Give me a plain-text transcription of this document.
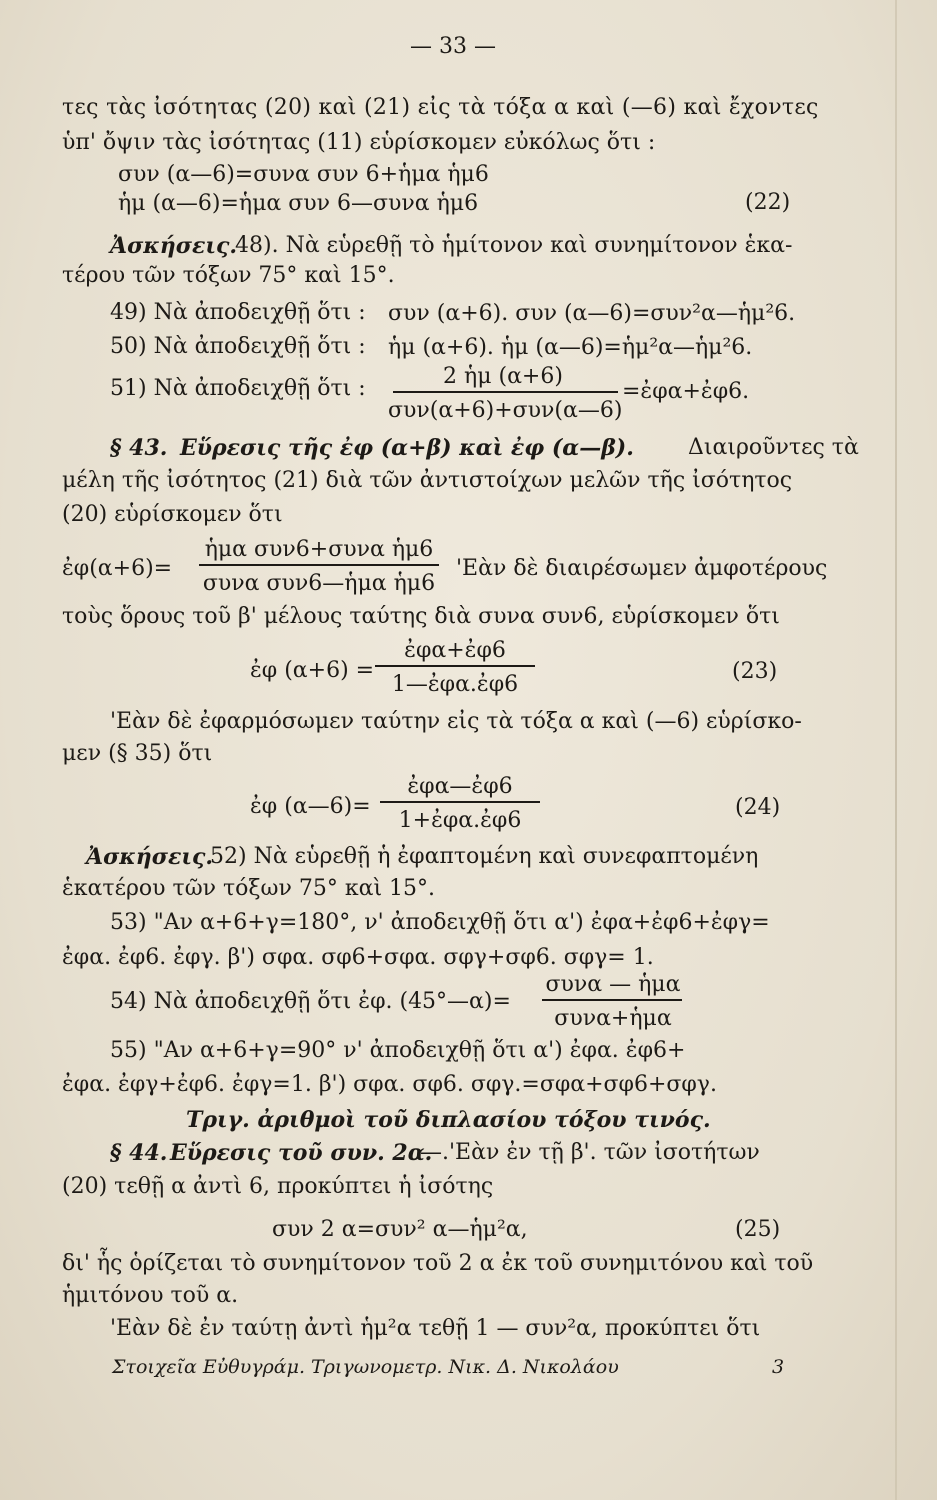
— 33 —
τες τὰς ἰσότητας (20) καὶ (21) εἰς τὰ τόξα α καὶ (—6) καὶ ἔχοντες
ὑπ' ὄψιν τὰς ἰσότητας (11) εὑρίσκομεν εὐκόλως ὅτι :
συν (α—6)=συνα συν 6+ἡμα ἡμ6
ἡμ (α—6)=ἡμα συν 6—συνα ἡμ6	(22)
Ἀσκήσεις.
48). Νὰ εὑρεθῇ τὸ ἡμίτονον καὶ συνημίτονον ἑκα-
τέρου τῶν τόξων 75° καὶ 15°.
49) Νὰ ἀποδειχθῇ ὅτι : συν (α+6). συν (α—6)=συν²α—ἡμ²6.
50) Νὰ ἀποδειχθῇ ὅτι : ἡμ (α+6). ἡμ (α—6)=ἡμ²α—ἡμ²6.
51) Νὰ ἀποδειχθῇ ὅτι :	2 ἡμ (α+6)
συν(α+6)+συν(α—6)
=ἐφα+ἐφ6.
§ 43. Εὕρεσις τῆς ἐφ (α+β) καὶ ἐφ (α—β). Διαιροῦντες τὰ
μέλη τῆς ἰσότητος (21) διὰ τῶν ἀντιστοίχων μελῶν τῆς ἰσότητος
(20) εὑρίσκομεν ὅτι
ἐφ(α+6)=
ἡμα συν6+συνα ἡμ6
συνα συν6—ἡμα ἡμ6
'Εὰν δὲ διαιρέσωμεν ἀμφοτέρους
τοὺς ὅρους τοῦ β' μέλους ταύτης διὰ συνα συν6, εὑρίσκομεν ὅτι
ἐφ (α+6) =
ἐφα+ἐφ6
1—ἐφα.ἐφ6
(23)
'Εὰν δὲ ἐφαρμόσωμεν ταύτην εἰς τὰ τόξα α καὶ (—6) εὑρίσκο-
μεν (§ 35) ὅτι
ἐφ (α—6)=
ἐφα—ἐφ6
1+ἐφα.ἐφ6
(24)
Ἀσκήσεις.
52) Νὰ εὑρεθῇ ἡ ἐφαπτομένη καὶ συνεφαπτομένη
ἑκατέρου τῶν τόξων 75° καὶ 15°.
53) "Αν α+6+γ=180°, ν' ἀποδειχθῇ ὅτι α') ἐφα+ἐφ6+ἐφγ=
ἐφα. ἐφ6. ἐφγ. β') σφα. σφ6+σφα. σφγ+σφ6. σφγ= 1.
54) Νὰ ἀποδειχθῇ ὅτι ἐφ. (45°—α)=
συνα — ἡμα
συνα+ἡμα
55) "Αν α+6+γ=90° ν' ἀποδειχθῇ ὅτι α') ἐφα. ἐφ6+
ἐφα. ἐφγ+ἐφ6. ἐφγ=1. β') σφα. σφ6. σφγ.=σφα+σφ6+σφγ.
Τριγ. ἀριθμοὶ τοῦ διπλασίου τόξου τινός.
§ 44. Εὕρεσις τοῦ συν. 2α.
—.'Εὰν ἐν τῇ β'. τῶν ἰσοτήτων
(20) τεθῇ α ἀντὶ 6, προκύπτει ἡ ἰσότης
συν 2 α=συν² α—ἡμ²α,	(25)
δι' ἧς ὁρίζεται τὸ συνημίτονον τοῦ 2 α ἐκ τοῦ συνημιτόνου καὶ τοῦ
ἡμιτόνου τοῦ α.
'Εὰν δὲ ἐν ταύτῃ ἀντὶ ἡμ²α τεθῇ 1 — συν²α, προκύπτει ὅτι
Στοιχεῖα Εὐθυγράμ. Τριγωνομετρ. Νικ. Δ. Νικολάου	3
